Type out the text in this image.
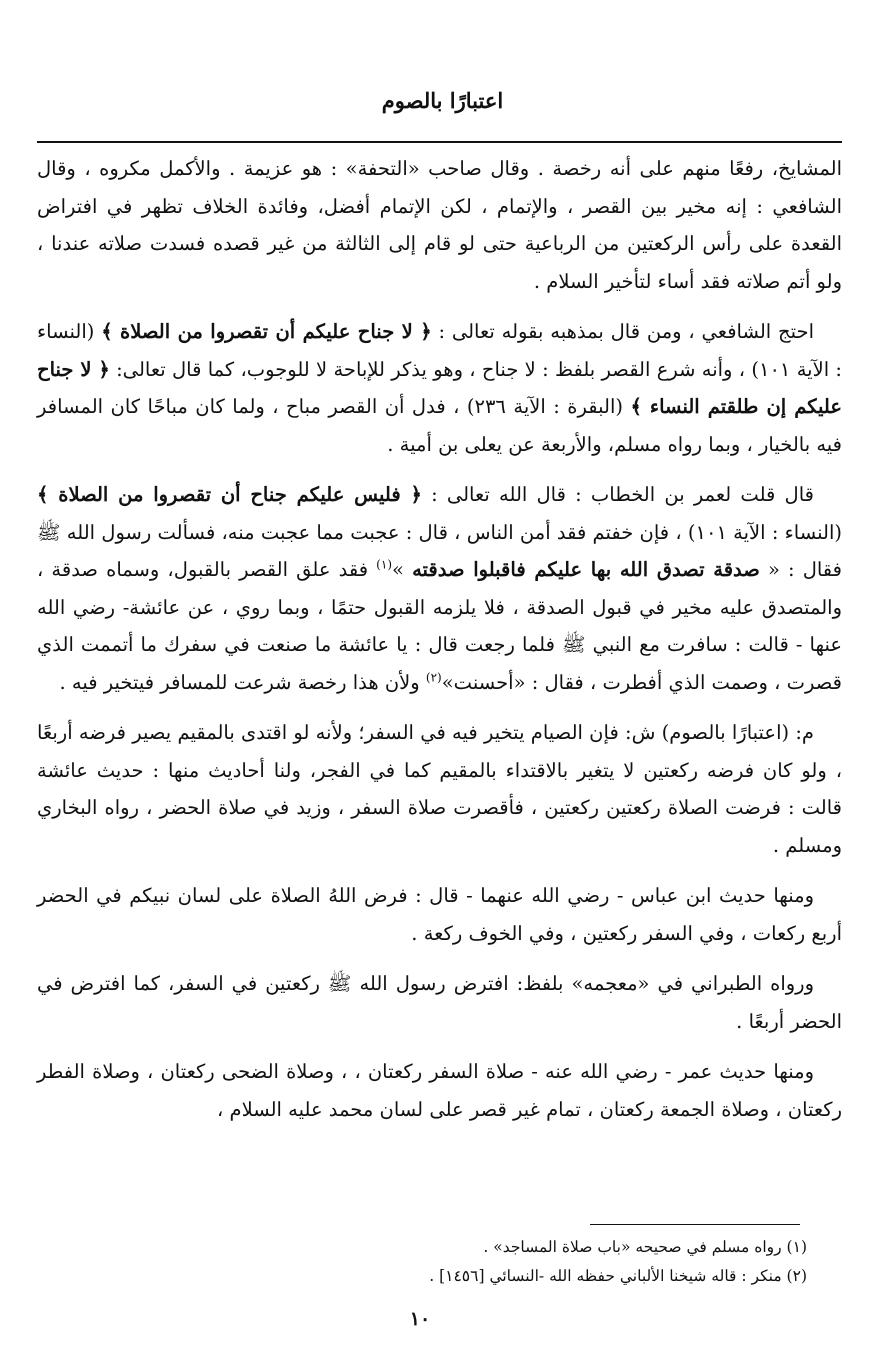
اعتبارًا بالصوم

المشايخ، رفعًا منهم على أنه رخصة . وقال صاحب «التحفة» : هو عزيمة . والأكمل مكروه ، وقال الشافعي : إنه مخير بين القصر ، والإتمام ، لكن الإتمام أفضل، وفائدة الخلاف تظهر في افتراض القعدة على رأس الركعتين من الرباعية حتى لو قام إلى الثالثة من غير قصده فسدت صلاته عندنا ، ولو أتم صلاته فقد أساء لتأخير السلام .

احتج الشافعي ، ومن قال بمذهبه بقوله تعالى : ﴿ لا جناح عليكم أن تقصروا من الصلاة ﴾ (النساء : الآية ١٠١) ، وأنه شرع القصر بلفظ : لا جناح ، وهو يذكر للإباحة لا للوجوب، كما قال تعالى: ﴿ لا جناح عليكم إن طلقتم النساء ﴾ (البقرة : الآية ٢٣٦) ، فدل أن القصر مباح ، ولما كان مباحًا كان المسافر فيه بالخيار ، وبما رواه مسلم، والأربعة عن يعلى بن أمية .

قال قلت لعمر بن الخطاب : قال الله تعالى : ﴿ فليس عليكم جناح أن تقصروا من الصلاة ﴾ (النساء : الآية ١٠١) ، فإن خفتم فقد أمن الناس ، قال : عجبت مما عجبت منه، فسألت رسول الله ﷺ فقال : « صدقة تصدق الله بها عليكم فاقبلوا صدقته »$^{(١)}$ فقد علق القصر بالقبول، وسماه صدقة ، والمتصدق عليه مخير في قبول الصدقة ، فلا يلزمه القبول حتمًا ، وبما روي ، عن عائشة- رضي الله عنها - قالت : سافرت مع النبي ﷺ فلما رجعت قال : يا عائشة ما صنعت في سفرك ما أتممت الذي قصرت ، وصمت الذي أفطرت ، فقال : «أحسنت»$^{(٢)}$ ولأن هذا رخصة شرعت للمسافر فيتخير فيه .

م: (اعتبارًا بالصوم) ش: فإن الصيام يتخير فيه في السفر؛ ولأنه لو اقتدى بالمقيم يصير فرضه أربعًا ، ولو كان فرضه ركعتين لا يتغير بالاقتداء بالمقيم كما في الفجر، ولنا أحاديث منها : حديث عائشة قالت : فرضت الصلاة ركعتين ركعتين ، فأقصرت صلاة السفر ، وزيد في صلاة الحضر ، رواه البخاري ومسلم .

ومنها حديث ابن عباس - رضي الله عنهما - قال : فرض اللهُ الصلاة على لسان نبيكم في الحضر أربع ركعات ، وفي السفر ركعتين ، وفي الخوف ركعة .

ورواه الطبراني في «معجمه» بلفظ: افترض رسول الله ﷺ ركعتين في السفر، كما افترض في الحضر أربعًا .

ومنها حديث عمر - رضي الله عنه - صلاة السفر ركعتان ، ، وصلاة الضحى ركعتان ، وصلاة الفطر ركعتان ، وصلاة الجمعة ركعتان ، تمام غير قصر على لسان محمد عليه السلام ،

(١) رواه مسلم في صحيحه «باب صلاة المساجد» .

(٢) منكر : قاله شيخنا الألباني حفظه الله -النسائي [١٤٥٦] .

١٠
